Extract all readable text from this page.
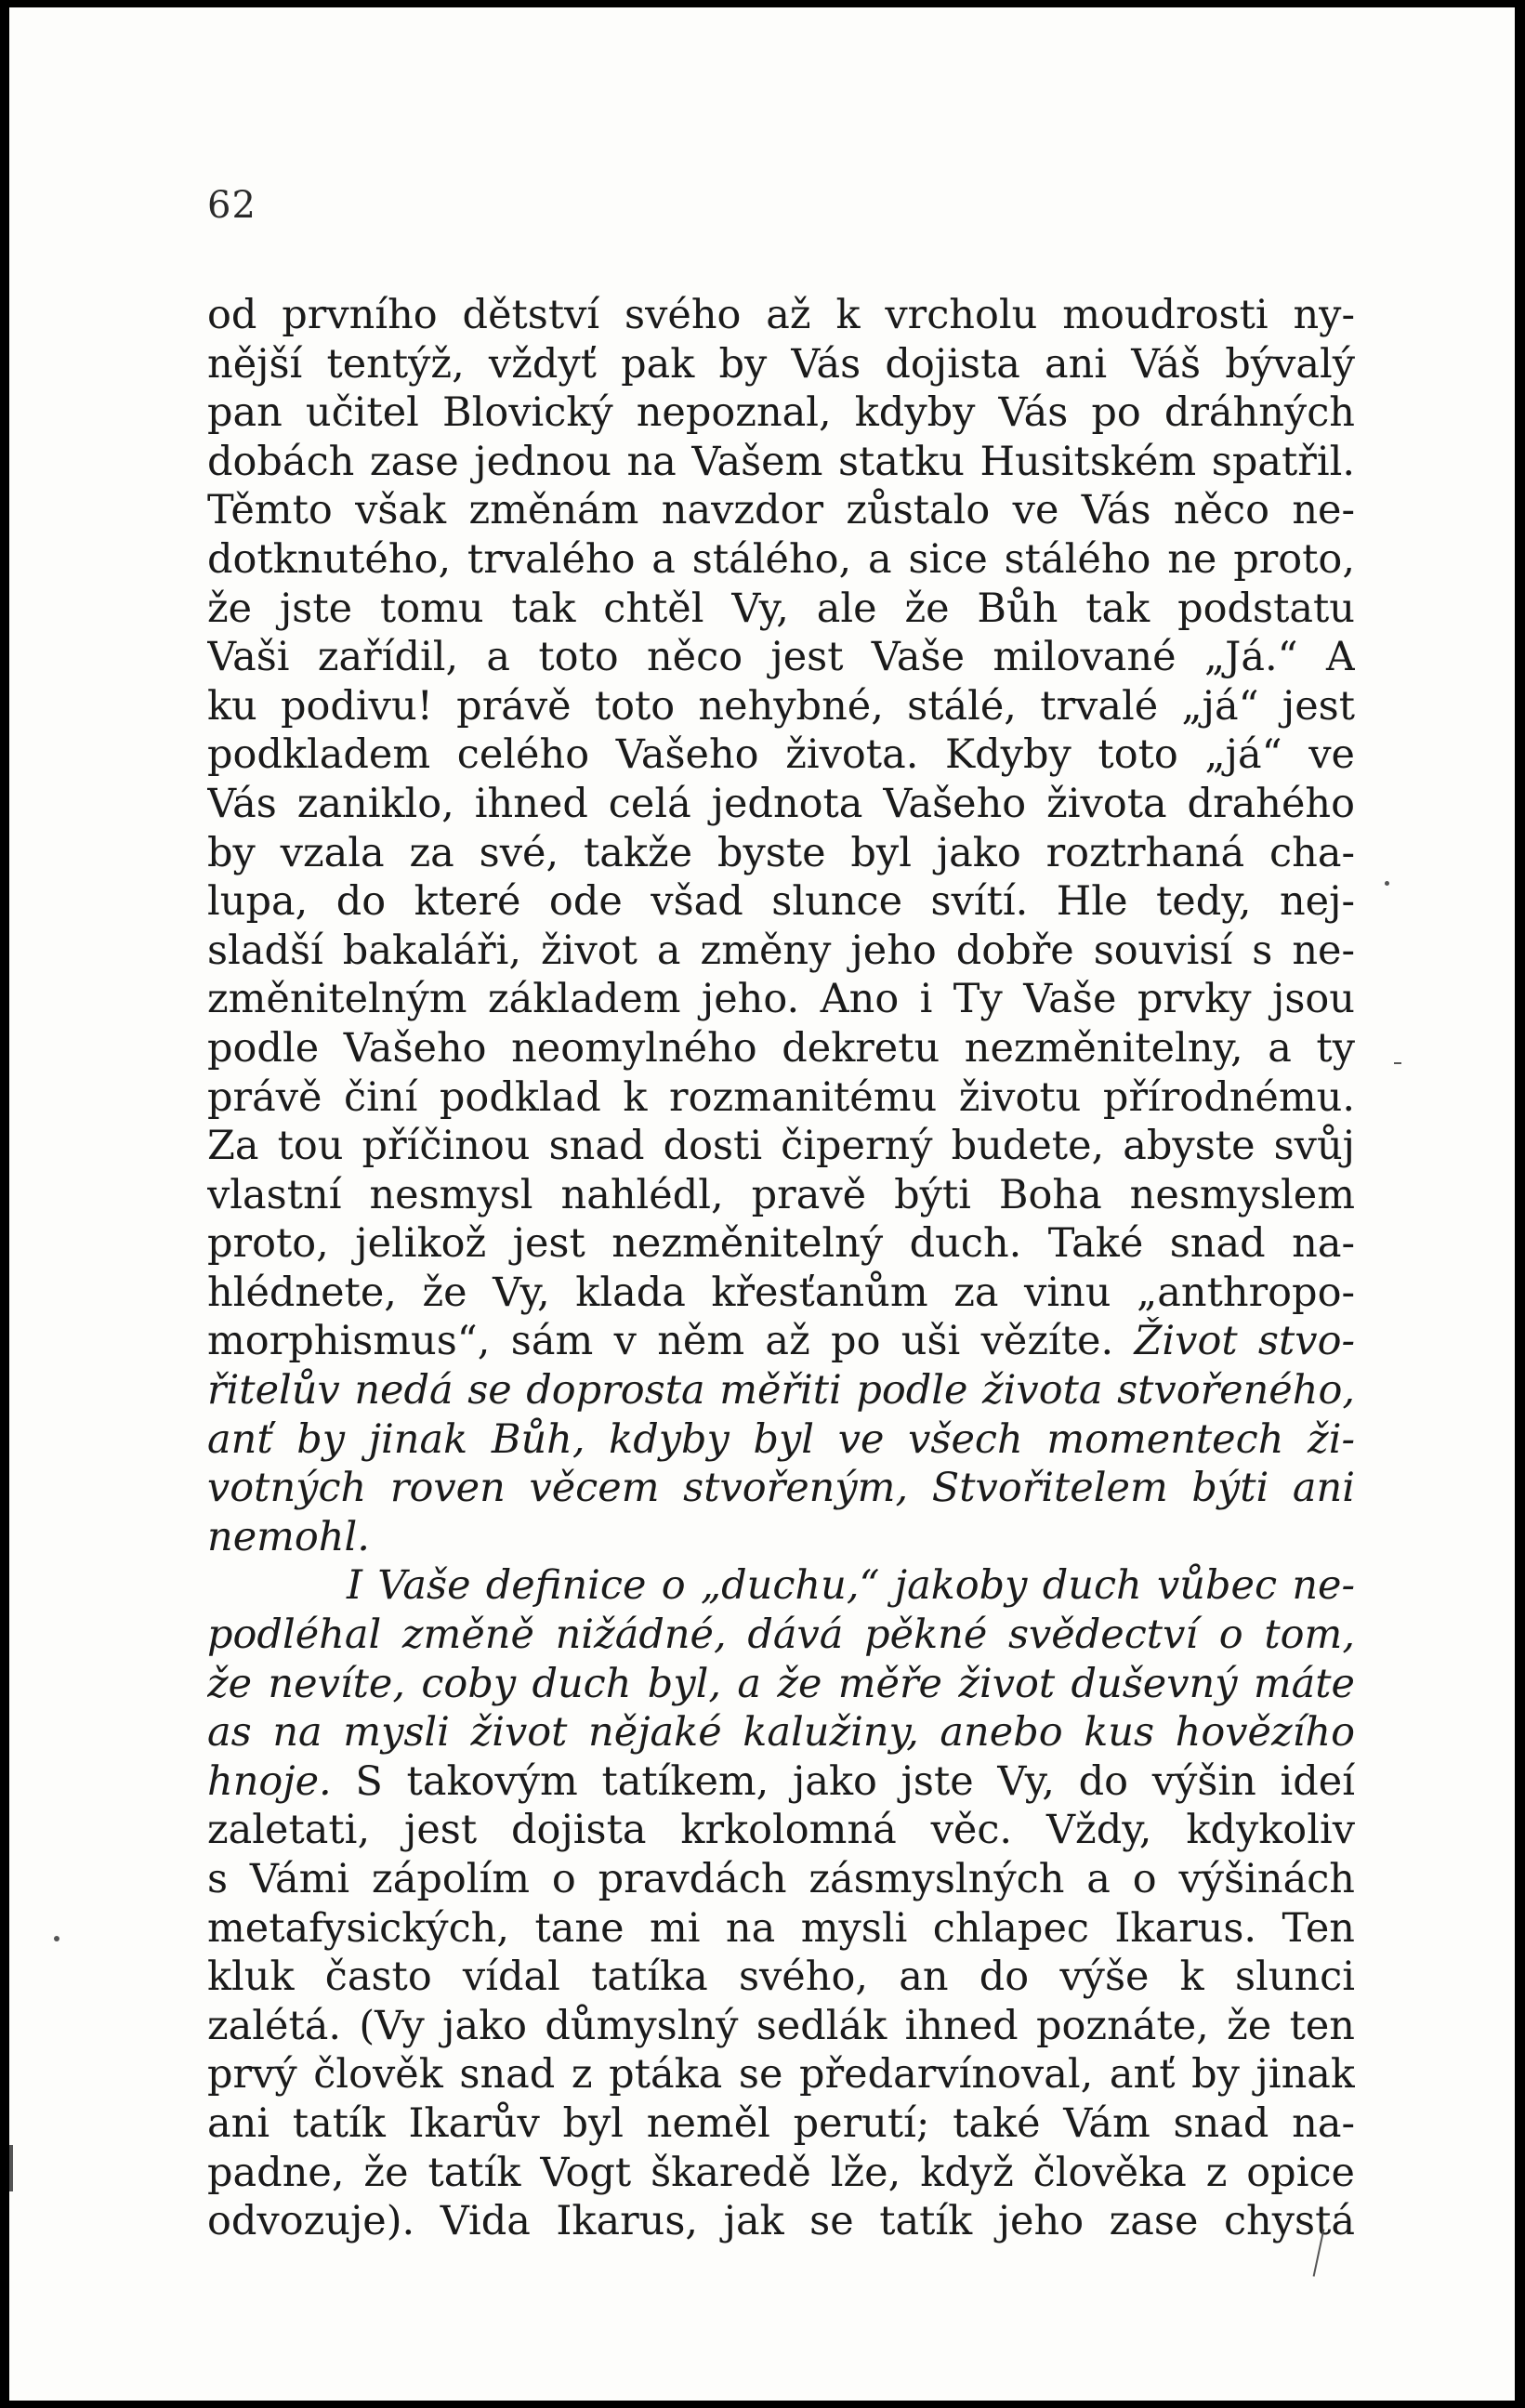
62
od prvního dětství svého až k vrcholu moudrosti ny-
nější tentýž, vždyť pak by Vás dojista ani Váš bývalý
pan učitel Blovický nepoznal, kdyby Vás po dráhných
dobách zase jednou na Vašem statku Husitském spatřil.
Těmto však změnám navzdor zůstalo ve Vás něco ne-
dotknutého, trvalého a stálého, a sice stálého ne proto,
že jste tomu tak chtěl Vy, ale že Bůh tak podstatu
Vaši zařídil, a toto něco jest Vaše milované „Já.“ A
ku podivu! právě toto nehybné, stálé, trvalé „já“ jest
podkladem celého Vašeho života. Kdyby toto „já“ ve
Vás zaniklo, ihned celá jednota Vašeho života drahého
by vzala za své, takže byste byl jako roztrhaná cha-
lupa, do které ode všad slunce svítí. Hle tedy, nej-
sladší bakaláři, život a změny jeho dobře souvisí s ne-
změnitelným základem jeho. Ano i Ty Vaše prvky jsou
podle Vašeho neomylného dekretu nezměnitelny, a ty
právě činí podklad k rozmanitému životu přírodnému.
Za tou příčinou snad dosti čiperný budete, abyste svůj
vlastní nesmysl nahlédl, pravě býti Boha nesmyslem
proto, jelikož jest nezměnitelný duch. Také snad na-
hlédnete, že Vy, klada křesťanům za vinu „anthropo-
morphismus“, sám v něm až po uši vězíte. Život stvo-
řitelův nedá se doprosta měřiti podle života stvořeného,
anť by jinak Bůh, kdyby byl ve všech momentech ži-
votných roven věcem stvořeným, Stvořitelem býti ani
nemohl.
I Vaše definice o „duchu,“ jakoby duch vůbec ne-
podléhal změně nižádné, dává pěkné svědectví o tom,
že nevíte, coby duch byl, a že měře život duševný máte
as na mysli život nějaké kalužiny, anebo kus hovězího
hnoje. S takovým tatíkem, jako jste Vy, do výšin ideí
zaletati, jest dojista krkolomná věc. Vždy, kdykoliv
s Vámi zápolím o pravdách zásmyslných a o výšinách
metafysických, tane mi na mysli chlapec Ikarus. Ten
kluk často vídal tatíka svého, an do výše k slunci
zalétá. (Vy jako důmyslný sedlák ihned poznáte, že ten
prvý člověk snad z ptáka se předarvínoval, anť by jinak
ani tatík Ikarův byl neměl perutí; také Vám snad na-
padne, že tatík Vogt škaredě lže, když člověka z opice
odvozuje). Vida Ikarus, jak se tatík jeho zase chystá
